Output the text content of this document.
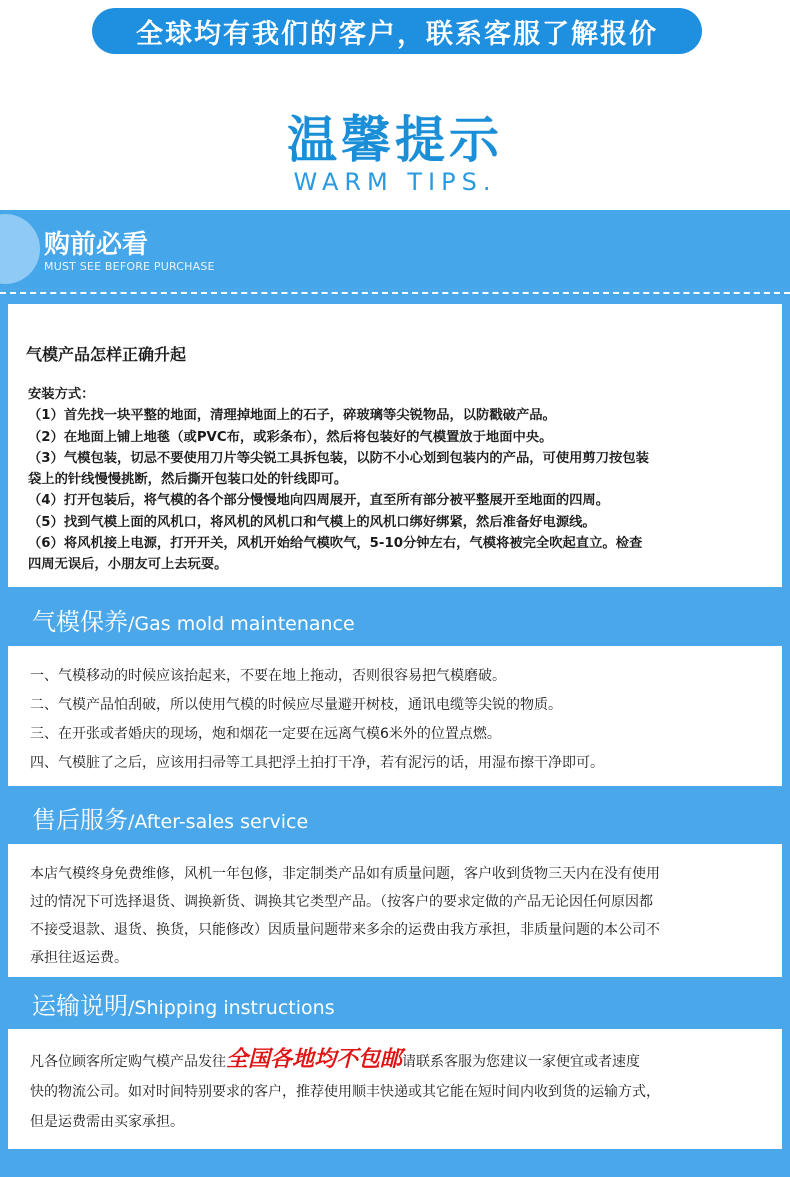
全球均有我们的客户，联系客服了解报价
温馨提示
WARM TIPS.
购前必看
MUST SEE BEFORE PURCHASE
气模产品怎样正确升起
安装方式：
（1）首先找一块平整的地面，清理掉地面上的石子，碎玻璃等尖锐物品，以防戳破产品。
（2）在地面上铺上地毯（或PVC布，或彩条布），然后将包装好的气模置放于地面中央。
（3）气模包装，切忌不要使用刀片等尖锐工具拆包装，以防不小心划到包装内的产品，可使用剪刀按包装
袋上的针线慢慢挑断，然后撕开包装口处的针线即可。
（4）打开包装后，将气模的各个部分慢慢地向四周展开，直至所有部分被平整展开至地面的四周。
（5）找到气模上面的风机口，将风机的风机口和气模上的风机口绑好绑紧，然后准备好电源线。
（6）将风机接上电源，打开开关，风机开始给气模吹气，5-10分钟左右，气模将被完全吹起直立。检查
四周无误后，小朋友可上去玩耍。
气模保养/Gas mold maintenance
一、气模移动的时候应该抬起来，不要在地上拖动，否则很容易把气模磨破。
二、气模产品怕刮破，所以使用气模的时候应尽量避开树枝，通讯电缆等尖锐的物质。
三、在开张或者婚庆的现场，炮和烟花一定要在远离气模6米外的位置点燃。
四、气模脏了之后，应该用扫帚等工具把浮土拍打干净，若有泥污的话，用湿布擦干净即可。
售后服务/After-sales service
本店气模终身免费维修，风机一年包修，非定制类产品如有质量问题，客户收到货物三天内在没有使用
过的情况下可选择退货、调换新货、调换其它类型产品。（按客户的要求定做的产品无论因任何原因都
不接受退款、退货、换货，只能修改）因质量问题带来多余的运费由我方承担，非质量问题的本公司不
承担往返运费。
运输说明/Shipping instructions
凡各位顾客所定购气模产品发往全国各地均不包邮请联系客服为您建议一家便宜或者速度
快的物流公司。如对时间特别要求的客户，推荐使用顺丰快递或其它能在短时间内收到货的运输方式，
但是运费需由买家承担。
